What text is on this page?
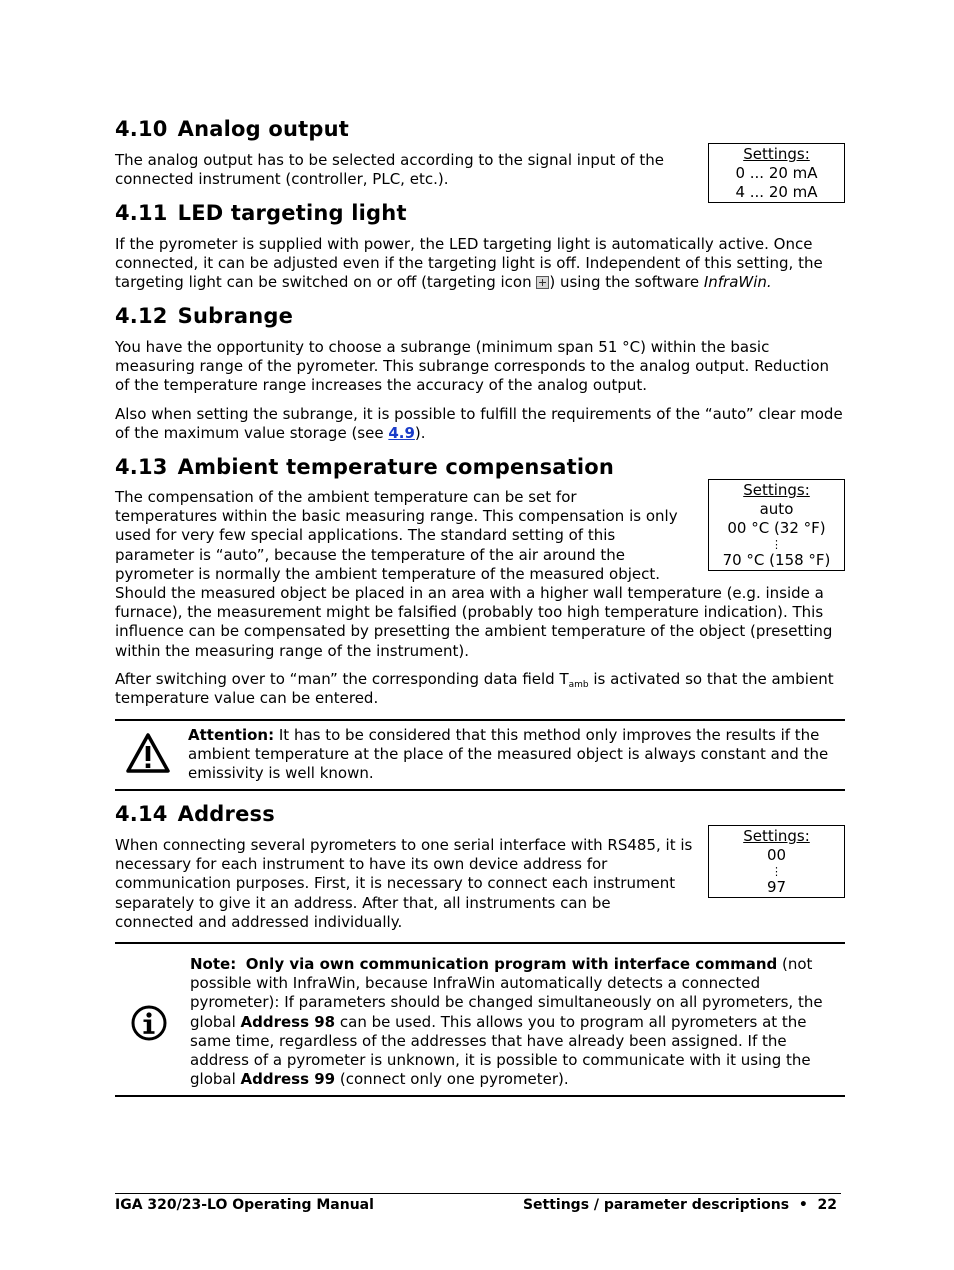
4.10 Analog output

The analog output has to be selected according to the signal input of the connected instrument (controller, PLC, etc.).

Settings:
0 ... 20 mA
4 ... 20 mA
4.11 LED targeting light

If the pyrometer is supplied with power, the LED targeting light is automatically active. Once connected, it can be adjusted even if the targeting light is off. Independent of this setting, the targeting light can be switched on or off (targeting icon ) using the software InfraWin.

4.12 Subrange

You have the opportunity to choose a subrange (minimum span 51 °C) within the basic measuring range of the pyrometer. This subrange corresponds to the analog output. Reduction of the temperature range increases the accuracy of the analog output.

Also when setting the subrange, it is possible to fulfill the requirements of the “auto” clear mode of the maximum value storage (see 4.9).

4.13 Ambient temperature compensation
Settings:
auto
00 °C (32 °F)
⋮
70 °C (158 °F)

The compensation of the ambient temperature can be set for temperatures within the basic measuring range. This compensation is only used for very few special applications. The standard setting of this parameter is “auto”, because the temperature of the air around the pyrometer is normally the ambient temperature of the measured object. Should the measured object be placed in an area with a higher wall temperature (e.g. inside a furnace), the measurement might be falsified (probably too high temperature indication). This influence can be compensated by presetting the ambient temperature of the object (presetting within the measuring range of the instrument).

After switching over to “man” the corresponding data field $T_{amb}$ is activated so that the ambient temperature value can be entered.

Attention: It has to be considered that this method only improves the results if the ambient temperature at the place of the measured object is always constant and the emissivity is well known.

4.14 Address

When connecting several pyrometers to one serial interface with RS485, it is necessary for each instrument to have its own device address for communication purposes. First, it is necessary to connect each instrument separately to give it an address. After that, all instruments can be connected and addressed individually.

Settings:
00
⋮
97

Note: Only via own communication program with interface command (not possible with InfraWin, because InfraWin automatically detects a connected pyrometer): If parameters should be changed simultaneously on all pyrometers, the global Address 98 can be used. This allows you to program all pyrometers at the same time, regardless of the addresses that have already been assigned. If the address of a pyrometer is unknown, it is possible to communicate with it using the global Address 99 (connect only one pyrometer).

IGA 320/23-LO Operating Manual	Settings / parameter descriptions • 22
